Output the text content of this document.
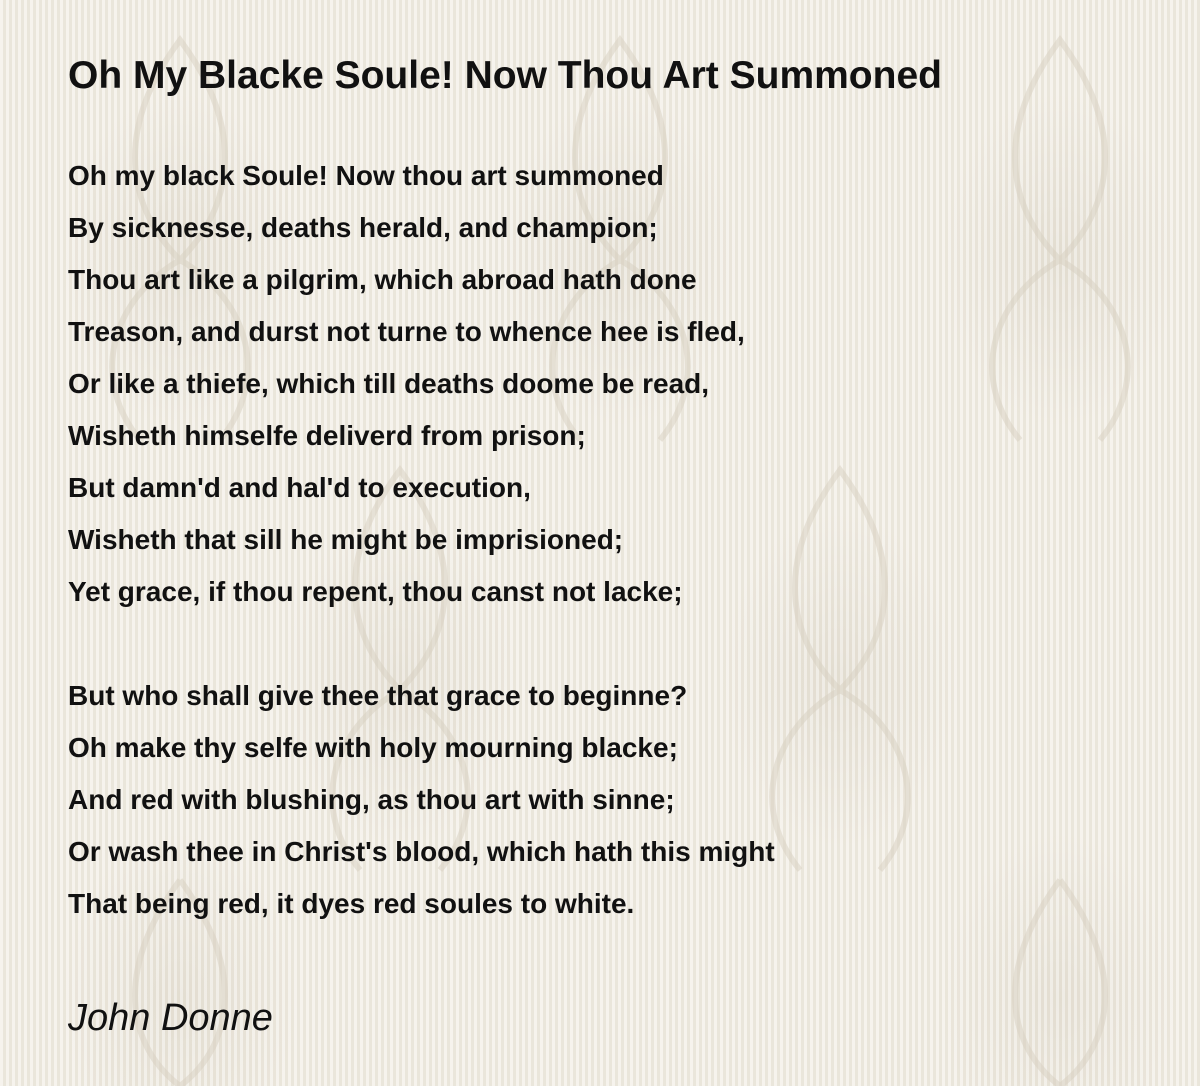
Oh My Blacke Soule! Now Thou Art Summoned
Oh my black Soule! Now thou art summoned
By sicknesse, deaths herald, and champion;
Thou art like a pilgrim, which abroad hath done
Treason, and durst not turne to whence hee is fled,
Or like a thiefe, which till deaths doome be read,
Wisheth himselfe deliverd from prison;
But damn'd and hal'd to execution,
Wisheth that sill he might be imprisioned;
Yet grace, if thou repent, thou canst not lacke;
But who shall give thee that grace to beginne?
Oh make thy selfe with holy mourning blacke;
And red with blushing, as thou art with sinne;
Or wash thee in Christ's blood, which hath this might
That being red, it dyes red soules to white.
John Donne
